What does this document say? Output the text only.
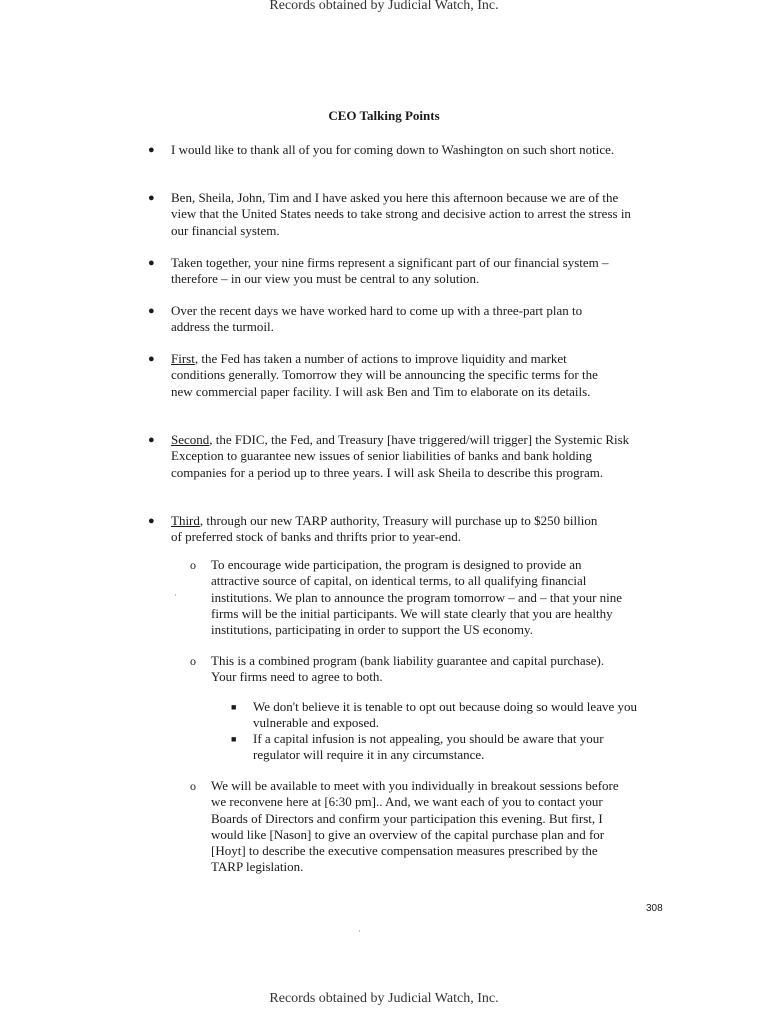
Records obtained by Judicial Watch, Inc.
CEO Talking Points
● I would like to thank all of you for coming down to Washington on such short notice.
● Ben, Sheila, John, Tim and I have asked you here this afternoon because we are of the view that the United States needs to take strong and decisive action to arrest the stress in our financial system.
● Taken together, your nine firms represent a significant part of our financial system – therefore – in our view you must be central to any solution.
● Over the recent days we have worked hard to come up with a three-part plan to address the turmoil.
● First, the Fed has taken a number of actions to improve liquidity and market conditions generally. Tomorrow they will be announcing the specific terms for the new commercial paper facility. I will ask Ben and Tim to elaborate on its details.
● Second, the FDIC, the Fed, and Treasury [have triggered/will trigger] the Systemic Risk Exception to guarantee new issues of senior liabilities of banks and bank holding companies for a period up to three years. I will ask Sheila to describe this program.
● Third, through our new TARP authority, Treasury will purchase up to $250 billion of preferred stock of banks and thrifts prior to year-end.
o To encourage wide participation, the program is designed to provide an attractive source of capital, on identical terms, to all qualifying financial institutions. We plan to announce the program tomorrow – and – that your nine firms will be the initial participants. We will state clearly that you are healthy institutions, participating in order to support the US economy.
o This is a combined program (bank liability guarantee and capital purchase). Your firms need to agree to both.
■ We don't believe it is tenable to opt out because doing so would leave you vulnerable and exposed.
■ If a capital infusion is not appealing, you should be aware that your regulator will require it in any circumstance.
o We will be available to meet with you individually in breakout sessions before we reconvene here at [6:30 pm].. And, we want each of you to contact your Boards of Directors and confirm your participation this evening. But first, I would like [Nason] to give an overview of the capital purchase plan and for [Hoyt] to describe the executive compensation measures prescribed by the TARP legislation.
308
·
·
Records obtained by Judicial Watch, Inc.
